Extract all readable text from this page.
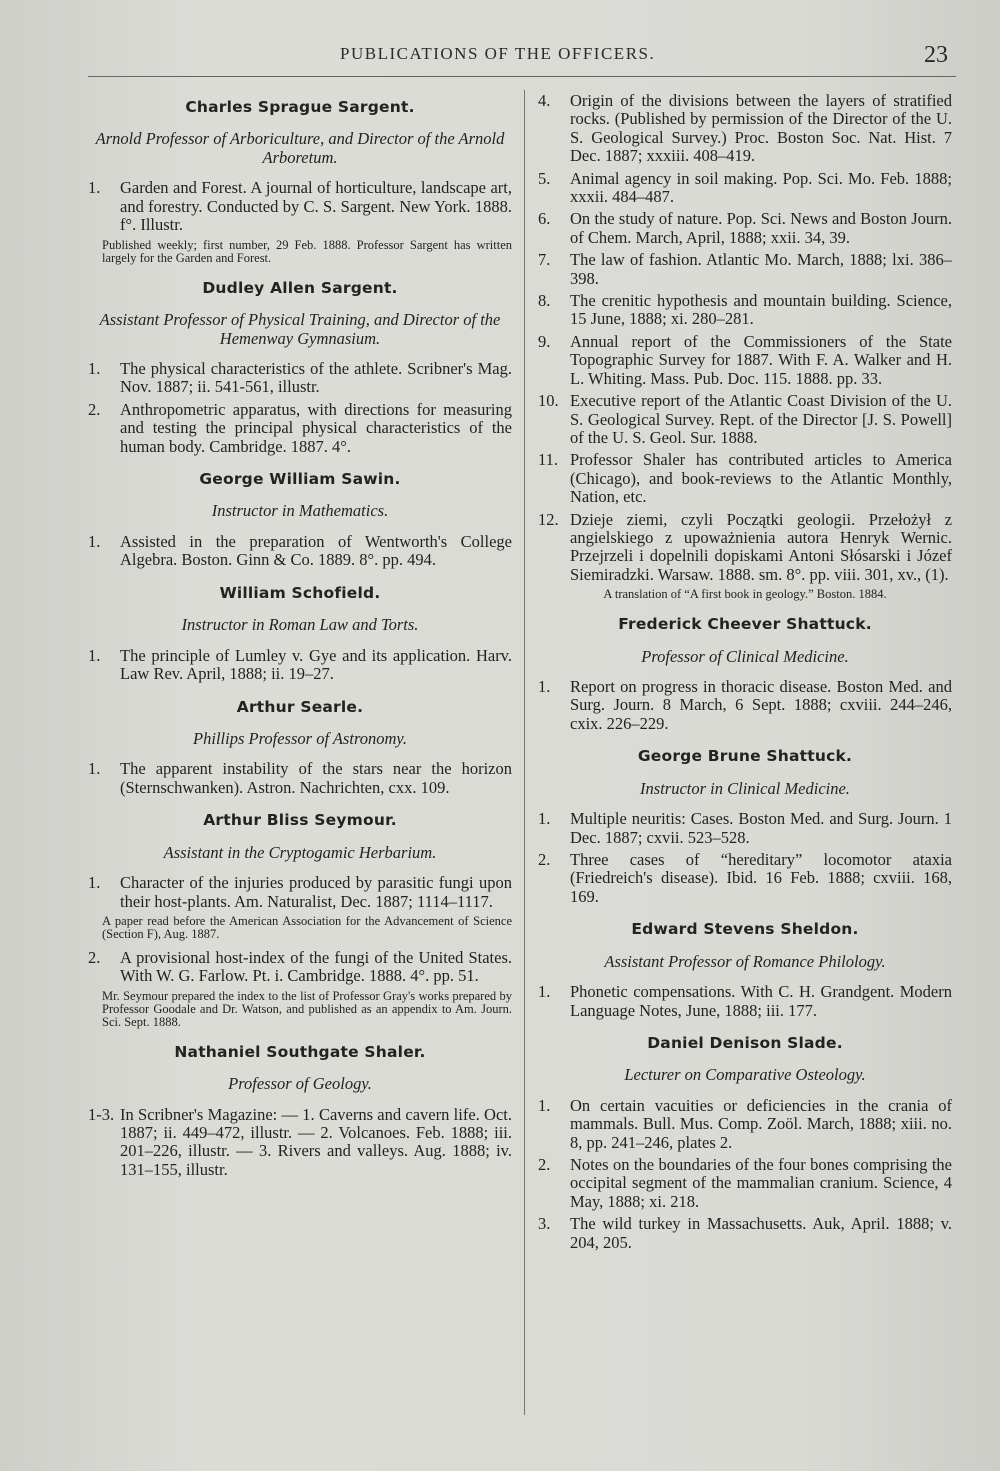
PUBLICATIONS OF THE OFFICERS.	23
Charles Sprague Sargent.
Arnold Professor of Arboriculture, and Director of the Arnold Arboretum.
1.	Garden and Forest. A journal of horticulture, landscape art, and forestry. Conducted by C. S. Sargent. New York. 1888. f°. Illustr.
Published weekly; first number, 29 Feb. 1888. Professor Sargent has written largely for the Garden and Forest.
Dudley Allen Sargent.
Assistant Professor of Physical Training, and Director of the Hemenway Gymnasium.
1.	The physical characteristics of the athlete. Scribner's Mag. Nov. 1887; ii. 541-561, illustr.
2.	Anthropometric apparatus, with directions for measuring and testing the principal physical characteristics of the human body. Cambridge. 1887. 4°.
George William Sawin.
Instructor in Mathematics.
1.	Assisted in the preparation of Wentworth's College Algebra. Boston. Ginn & Co. 1889. 8°. pp. 494.
William Schofield.
Instructor in Roman Law and Torts.
1.	The principle of Lumley v. Gye and its application. Harv. Law Rev. April, 1888; ii. 19–27.
Arthur Searle.
Phillips Professor of Astronomy.
1.	The apparent instability of the stars near the horizon (Sternschwanken). Astron. Nachrichten, cxx. 109.
Arthur Bliss Seymour.
Assistant in the Cryptogamic Herbarium.
1.	Character of the injuries produced by parasitic fungi upon their host-plants. Am. Naturalist, Dec. 1887; 1114–1117.
A paper read before the American Association for the Advancement of Science (Section F), Aug. 1887.
2.	A provisional host-index of the fungi of the United States. With W. G. Farlow. Pt. i. Cambridge. 1888. 4°. pp. 51.
Mr. Seymour prepared the index to the list of Professor Gray's works prepared by Professor Goodale and Dr. Watson, and published as an appendix to Am. Journ. Sci. Sept. 1888.
Nathaniel Southgate Shaler.
Professor of Geology.
1-3. In Scribner's Magazine: — 1. Caverns and cavern life. Oct. 1887; ii. 449–472, illustr. — 2. Volcanoes. Feb. 1888; iii. 201–226, illustr. — 3. Rivers and valleys. Aug. 1888; iv. 131–155, illustr.
4.	Origin of the divisions between the layers of stratified rocks. (Published by permission of the Director of the U. S. Geological Survey.) Proc. Boston Soc. Nat. Hist. 7 Dec. 1887; xxxiii. 408–419.
5.	Animal agency in soil making. Pop. Sci. Mo. Feb. 1888; xxxii. 484–487.
6.	On the study of nature. Pop. Sci. News and Boston Journ. of Chem. March, April, 1888; xxii. 34, 39.
7.	The law of fashion. Atlantic Mo. March, 1888; lxi. 386–398.
8.	The crenitic hypothesis and mountain building. Science, 15 June, 1888; xi. 280–281.
9.	Annual report of the Commissioners of the State Topographic Survey for 1887. With F. A. Walker and H. L. Whiting. Mass. Pub. Doc. 115. 1888. pp. 33.
10. Executive report of the Atlantic Coast Division of the U. S. Geological Survey. Rept. of the Director [J. S. Powell] of the U. S. Geol. Sur. 1888.
11. Professor Shaler has contributed articles to America (Chicago), and book-reviews to the Atlantic Monthly, Nation, etc.
12. Dzieje ziemi, czyli Początki geologii. Przełożył z angielskiego z upoważnienia autora Henryk Wernic. Przejrzeli i dopelnili dopiskami Antoni Słósarski i Józef Siemiradzki. Warsaw. 1888. sm. 8°. pp. viii. 301, xv., (1).
A translation of “A first book in geology.” Boston. 1884.
Frederick Cheever Shattuck.
Professor of Clinical Medicine.
1.	Report on progress in thoracic disease. Boston Med. and Surg. Journ. 8 March, 6 Sept. 1888; cxviii. 244–246, cxix. 226–229.
George Brune Shattuck.
Instructor in Clinical Medicine.
1.	Multiple neuritis: Cases. Boston Med. and Surg. Journ. 1 Dec. 1887; cxvii. 523–528.
2.	Three cases of “hereditary” locomotor ataxia (Friedreich's disease). Ibid. 16 Feb. 1888; cxviii. 168, 169.
Edward Stevens Sheldon.
Assistant Professor of Romance Philology.
1.	Phonetic compensations. With C. H. Grandgent. Modern Language Notes, June, 1888; iii. 177.
Daniel Denison Slade.
Lecturer on Comparative Osteology.
1.	On certain vacuities or deficiencies in the crania of mammals. Bull. Mus. Comp. Zoöl. March, 1888; xiii. no. 8, pp. 241–246, plates 2.
2.	Notes on the boundaries of the four bones comprising the occipital segment of the mammalian cranium. Science, 4 May, 1888; xi. 218.
3.	The wild turkey in Massachusetts. Auk, April. 1888; v. 204, 205.
